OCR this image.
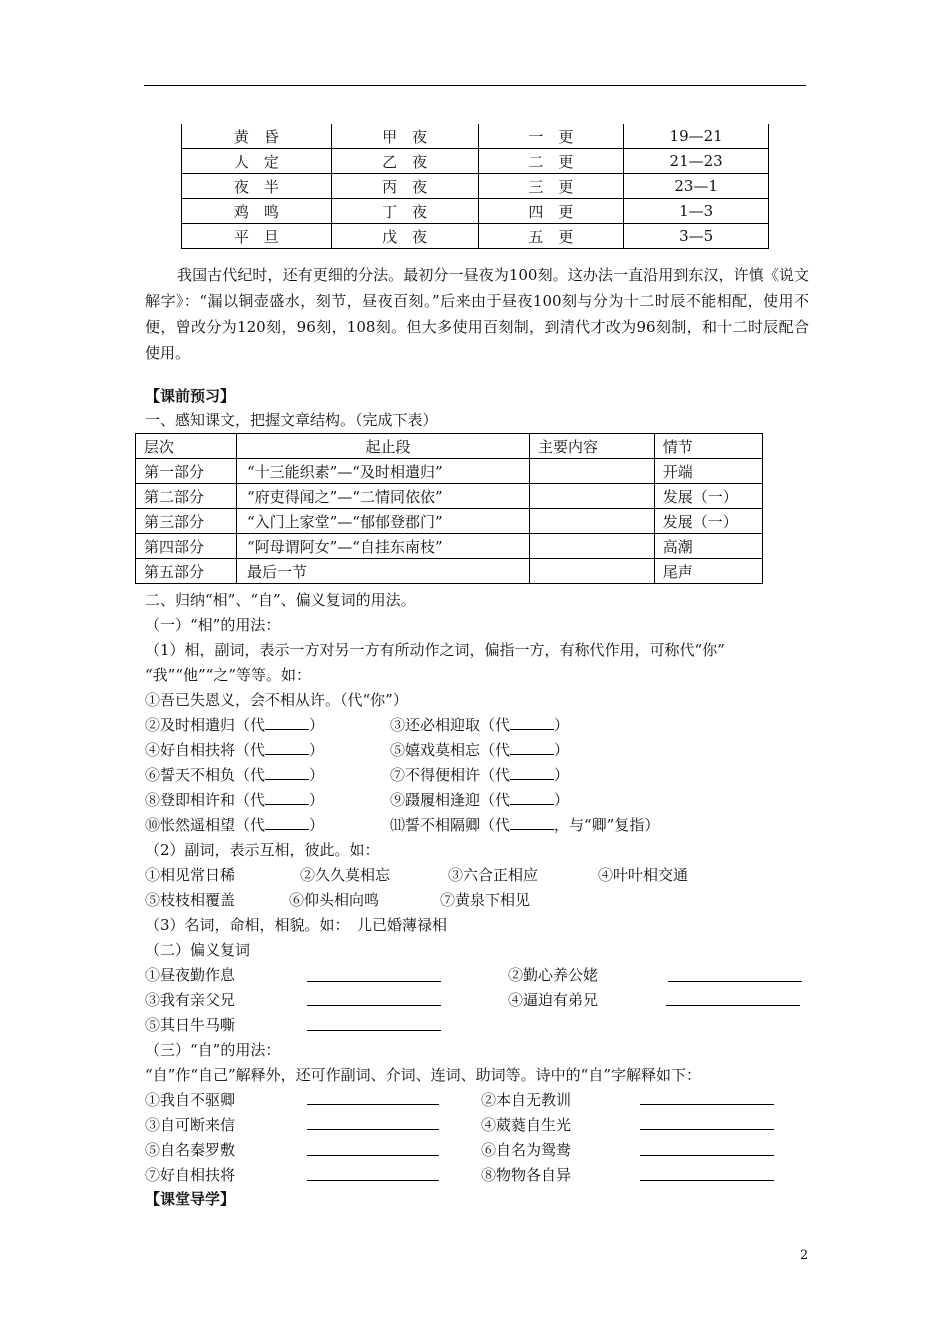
黄　昏	甲　夜	一　更	19—21
人　定	乙　夜	二　更	21—23
夜　半	丙　夜	三　更	23—1
鸡　鸣	丁　夜	四　更	1—3
平　旦	戊　夜	五　更	3—5
我国古代纪时，还有更细的分法。最初分一昼夜为100刻。这办法一直沿用到东汉，许慎《说文解字》：“漏以铜壶盛水，刻节，昼夜百刻。”后来由于昼夜100刻与分为十二时辰不能相配，使用不便，曾改分为120刻，96刻，108刻。但大多使用百刻制，到清代才改为96刻制，和十二时辰配合使用。
【课前预习】
一、感知课文，把握文章结构。（完成下表）
层次	起止段	主要内容	情节
第一部分	“十三能织素”—“及时相遣归”		开端
第二部分	“府吏得闻之”—“二情同依依”		发展（一）
第三部分	“入门上家堂”—“郁郁登郡门”		发展（一）
第四部分	“阿母谓阿女”—“自挂东南枝”		高潮
第五部分	最后一节		尾声
二、归纳“相”、“自”、偏义复词的用法。
（一）“相”的用法：
（1）相，副词，表示一方对另一方有所动作之词，偏指一方，有称代作用，可称代“你”
“我”“他”“之”等等。如：
①吾已失恩义，会不相从许。（代“你”）
②及时相遣归（代	）	③还必相迎取（代	）
④好自相扶将（代	）	⑤嬉戏莫相忘（代	）
⑥誓天不相负（代	）	⑦不得便相许（代	）
⑧登即相许和（代	）	⑨蹑履相逢迎（代	）
⑩怅然遥相望（代	）	⑾誓不相隔卿（代	，与“卿”复指）
（2）副词，表示互相，彼此。如：
①相见常日稀	②久久莫相忘	③六合正相应	④叶叶相交通
⑤枝枝相覆盖	⑥仰头相向鸣	⑦黄泉下相见
（3）名词，命相，相貌。如：　儿已婚薄禄相
（二）偏义复词
①昼夜勤作息	②勤心养公姥
③我有亲父兄	④逼迫有弟兄
⑤其日牛马嘶
（三）“自”的用法：
“自”作“自己”解释外，还可作副词、介词、连词、助词等。诗中的“自”字解释如下：
①我自不驱卿	②本自无教训
③自可断来信	④葳蕤自生光
⑤自名秦罗敷	⑥自名为鸳鸯
⑦好自相扶将	⑧物物各自异
【课堂导学】
2
